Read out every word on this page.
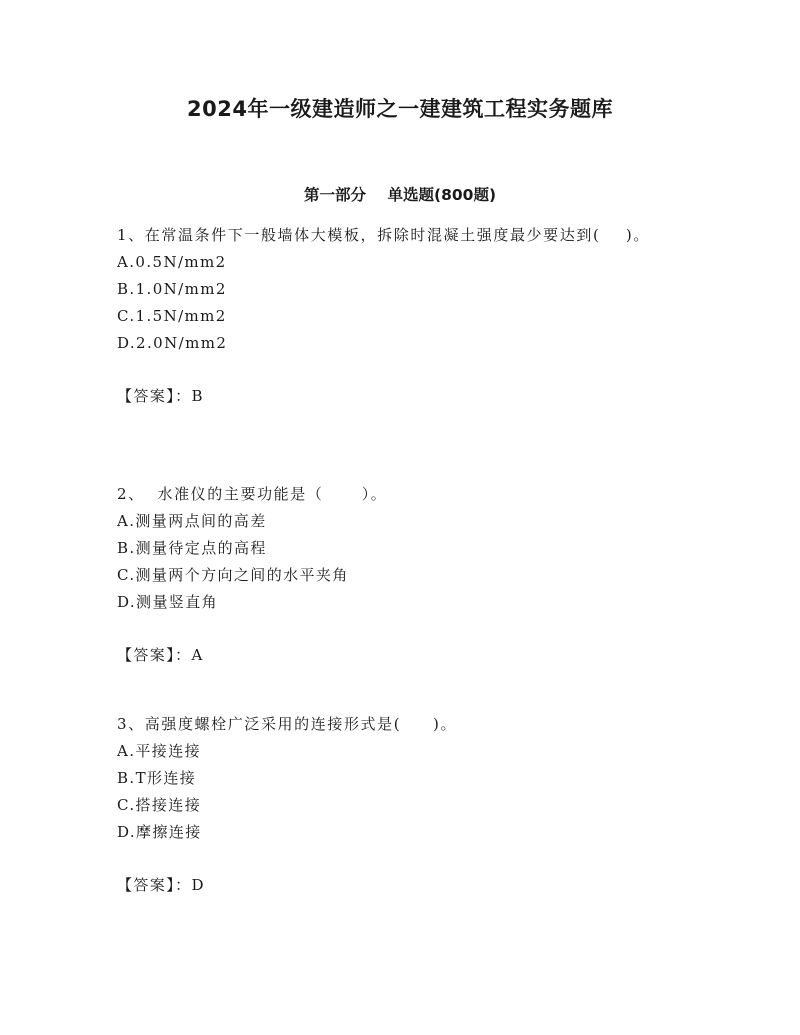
2024年一级建造师之一建建筑工程实务题库
第一部分    单选题(800题)

1、在常温条件下一般墙体大模板，拆除时混凝土强度最少要达到(    )。

A.0.5N/mm2

B.1.0N/mm2

C.1.5N/mm2

D.2.0N/mm2

【答案】：B

2、  水准仪的主要功能是（      ）。

A.测量两点间的高差

B.测量待定点的高程

C.测量两个方向之间的水平夹角

D.测量竖直角

【答案】：A

3、高强度螺栓广泛采用的连接形式是(     )。

A.平接连接

B.T形连接

C.搭接连接

D.摩擦连接

【答案】：D
